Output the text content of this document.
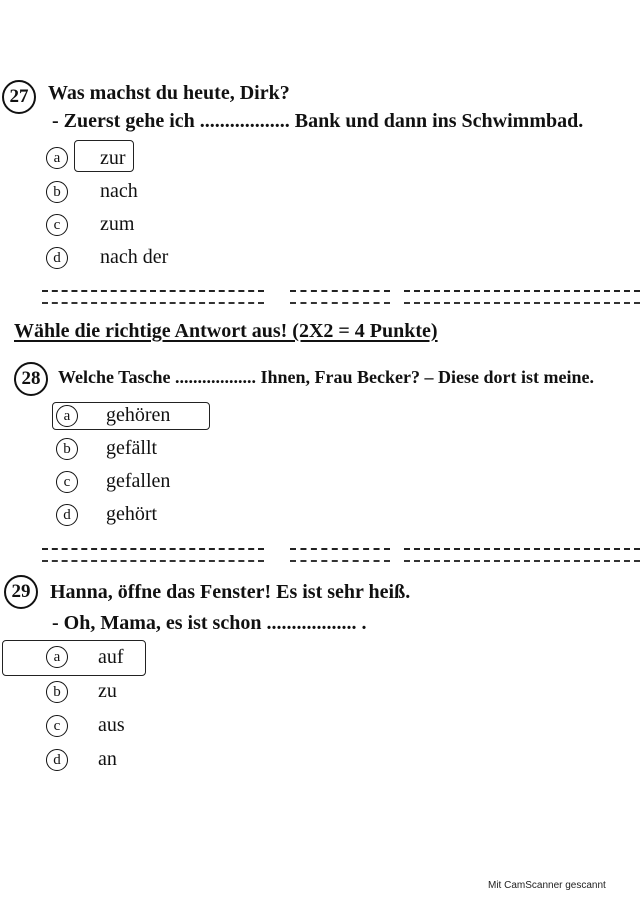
27 Was machst du heute, Dirk?
- Zuerst gehe ich .................. Bank und dann ins Schwimmbad.
a	zur
b	nach
c	zum
d	nach der
Wähle die richtige Antwort aus! (2X2 = 4 Punkte)
28 Welche Tasche .................. Ihnen, Frau Becker? – Diese dort ist meine.
a	gehören
b	gefällt
c	gefallen
d	gehört
29 Hanna, öffne das Fenster! Es ist sehr heiß.
- Oh, Mama, es ist schon .................. .
a	auf
b	zu
c	aus
d	an
Mit CamScanner gescannt
